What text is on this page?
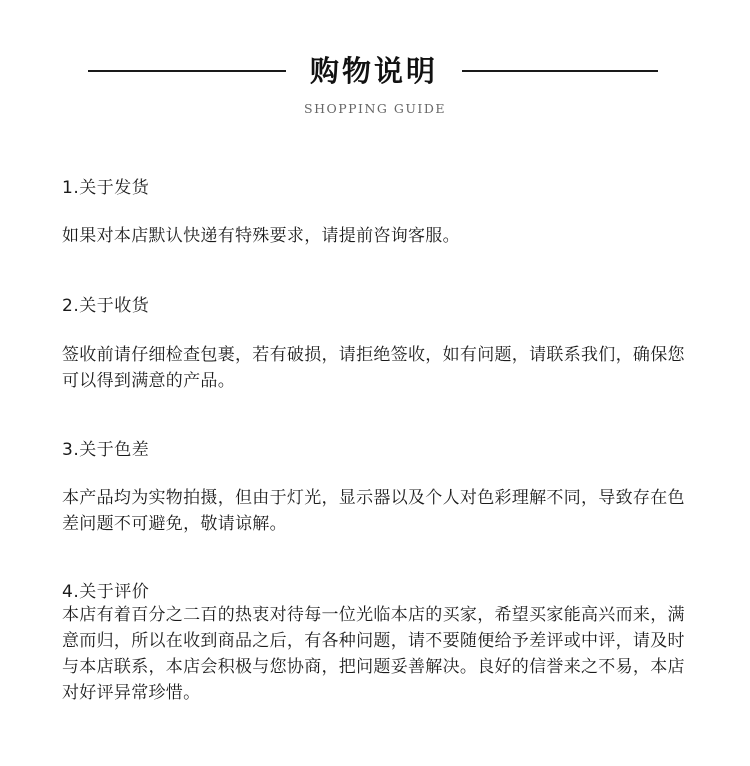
购物说明
SHOPPING GUIDE
1.关于发货

如果对本店默认快递有特殊要求，请提前咨询客服。

2.关于收货

签收前请仔细检查包裹，若有破损，请拒绝签收，如有问题，请联系我们，确保您可以得到满意的产品。

3.关于色差

本产品均为实物拍摄，但由于灯光，显示器以及个人对色彩理解不同，导致存在色差问题不可避免，敬请谅解。

4.关于评价

本店有着百分之二百的热衷对待每一位光临本店的买家，希望买家能高兴而来，满意而归，所以在收到商品之后，有各种问题，请不要随便给予差评或中评，请及时与本店联系，本店会积极与您协商，把问题妥善解决。良好的信誉来之不易，本店对好评异常珍惜。
